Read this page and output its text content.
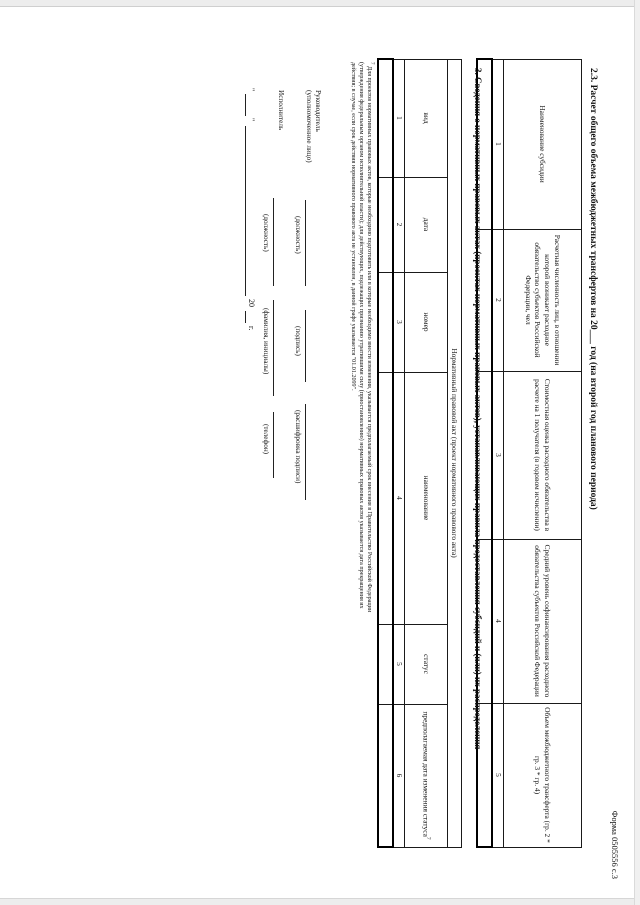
Форма 0505556 с.3
2.3. Расчет общего объема межбюджетных трансфертов на 20___ год (на второй год планового периода)
Наименование субсидии	Расчетная численность лиц, в отношении которой возникает расходное обязательство субъектов Российской Федерации, чел	Стоимостная оценка расходного обязательства в расчете на 1 получателя (в годовом исчислении)	Средний уровень софинансирования расходного обязательства субъектов Российской Федерации	Объем межбюджетного трансферта (гр. 2 * гр. 3 * гр. 4)
1	2	3	4	5

3. Сведения о нормативных правовых актах (проектах нормативных правовых актов), устанавливающих правила предоставления субсидий и (или) их распределения
Нормативный правовой акт (проект нормативного правового акта)					
вид	дата	номер	наименование	статус	предполагаемая дата изменения статуса$^7$
1	2	3	4	5	6

$^7$ Для проектов нормативных правовых актов, которые необходимо подготовить или в которые необходимо внести изменения, указывается предполагаемый срок внесения в Правительство Российской Федерации (утверждения федеральным органом исполнительной власти); для действующих, подлежащих признанию утратившими силу (приостановлению) нормативных правовых актов указывается дата прекращения их действия; в случае, если срок действия нормативного правового акта не установлен, в данной графе указывается "01.01.2099".
Руководитель
(уполномоченное лицо)
(должность)
(подпись)
(расшифровка подписи)
Исполнитель
(должность)
(фамилия, инициалы)
(телефон)
"
"
20
г.
